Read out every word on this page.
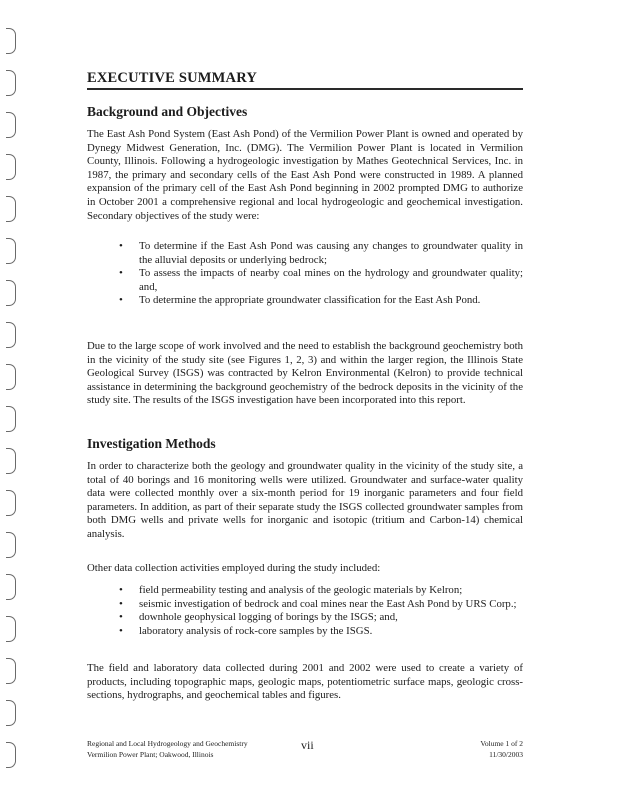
EXECUTIVE SUMMARY
Background and Objectives

The East Ash Pond System (East Ash Pond) of the Vermilion Power Plant is owned and operated by Dynegy Midwest Generation, Inc. (DMG). The Vermilion Power Plant is located in Vermilion County, Illinois. Following a hydrogeologic investigation by Mathes Geotechnical Services, Inc. in 1987, the primary and secondary cells of the East Ash Pond were constructed in 1989. A planned expansion of the primary cell of the East Ash Pond beginning in 2002 prompted DMG to authorize in October 2001 a comprehensive regional and local hydrogeologic and geochemical investigation. Secondary objectives of the study were:

• To determine if the East Ash Pond was causing any changes to groundwater quality in the alluvial deposits or underlying bedrock;
• To assess the impacts of nearby coal mines on the hydrology and groundwater quality; and,
• To determine the appropriate groundwater classification for the East Ash Pond.

Due to the large scope of work involved and the need to establish the background geochemistry both in the vicinity of the study site (see Figures 1, 2, 3) and within the larger region, the Illinois State Geological Survey (ISGS) was contracted by Kelron Environmental (Kelron) to provide technical assistance in determining the background geochemistry of the bedrock deposits in the vicinity of the study site. The results of the ISGS investigation have been incorporated into this report.

Investigation Methods

In order to characterize both the geology and groundwater quality in the vicinity of the study site, a total of 40 borings and 16 monitoring wells were utilized. Groundwater and surface-water quality data were collected monthly over a six-month period for 19 inorganic parameters and four field parameters. In addition, as part of their separate study the ISGS collected groundwater samples from both DMG wells and private wells for inorganic and isotopic (tritium and Carbon-14) chemical analysis.

Other data collection activities employed during the study included:

• field permeability testing and analysis of the geologic materials by Kelron;
• seismic investigation of bedrock and coal mines near the East Ash Pond by URS Corp.;
• downhole geophysical logging of borings by the ISGS; and,
• laboratory analysis of rock-core samples by the ISGS.

The field and laboratory data collected during 2001 and 2002 were used to create a variety of products, including topographic maps, geologic maps, potentiometric surface maps, geologic cross-sections, hydrographs, and geochemical tables and figures.

Regional and Local Hydrogeology and Geochemistry
Vermilion Power Plant; Oakwood, Illinois
vii	Volume 1 of 2
11/30/2003
